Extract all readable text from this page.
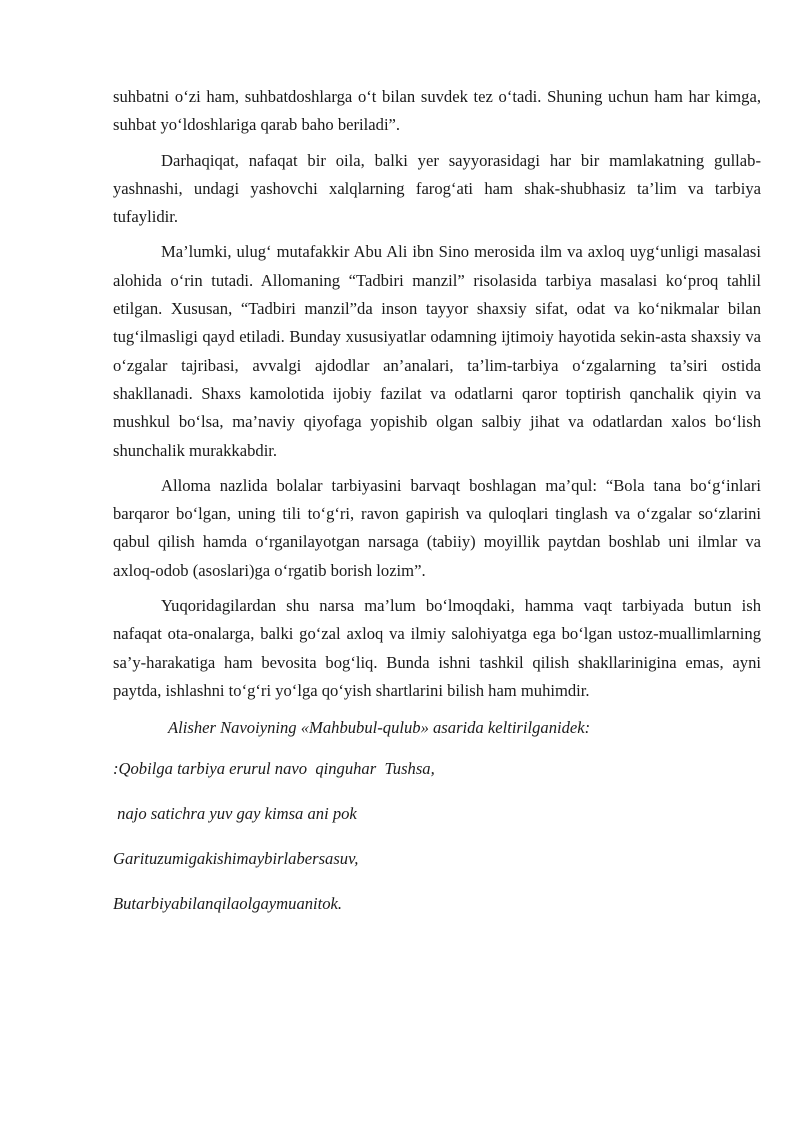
suhbatni o‘zi ham, suhbatdoshlarga o‘t bilan suvdek tez o‘tadi. Shuning uchun ham har kimga, suhbat yo‘ldoshlariga qarab baho beriladi”.

Darhaqiqat, nafaqat bir oila, balki yer sayyorasidagi har bir mamlakatning gullab-yashnashi, undagi yashovchi xalqlarning farog‘ati ham shak-shubhasiz ta’lim va tarbiya tufaylidir.

Ma’lumki, ulug‘ mutafakkir Abu Ali ibn Sino merosida ilm va axloq uyg‘unligi masalasi alohida o‘rin tutadi. Allomaning “Tadbiri manzil” risolasida tarbiya masalasi ko‘proq tahlil etilgan. Xususan, “Tadbiri manzil”da inson tayyor shaxsiy sifat, odat va ko‘nikmalar bilan tug‘ilmasligi qayd etiladi. Bunday xususiyatlar odamning ijtimoiy hayotida sekin-asta shaxsiy va o‘zgalar tajribasi, avvalgi ajdodlar an’analari, ta’lim-tarbiya o‘zgalarning ta’siri ostida shakllanadi. Shaxs kamolotida ijobiy fazilat va odatlarni qaror toptirish qanchalik qiyin va mushkul bo‘lsa, ma’naviy qiyofaga yopishib olgan salbiy jihat va odatlardan xalos bo‘lish shunchalik murakkabdir.

Alloma nazlida bolalar tarbiyasini barvaqt boshlagan ma’qul: “Bola tana bo‘g‘inlari barqaror bo‘lgan, uning tili to‘g‘ri, ravon gapirish va quloqlari tinglash va o‘zgalar so‘zlarini qabul qilish hamda o‘rganilayotgan narsaga (tabiiy) moyillik paytdan boshlab uni ilmlar va axloq-odob (asoslari)ga o‘rgatib borish lozim”.

Yuqoridagilardan shu narsa ma’lum bo‘lmoqdaki, hamma vaqt tarbiyada butun ish nafaqat ota-onalarga, balki go‘zal axloq va ilmiy salohiyatga ega bo‘lgan ustoz-muallimlarning sa’y-harakatiga ham bevosita bog‘liq. Bunda ishni tashkil qilish shakllarinigina emas, ayni paytda, ishlashni to‘g‘ri yo‘lga qo‘yish shartlarini bilish ham muhimdir.

Alisher Navoiyning «Mahbubul-qulub» asarida keltirilganidek:

:Qobilga tarbiya erurul navo  qinguhar  Tushsa,

najo satichra yuv gay kimsa ani pok

Garituzumigakishimaybirlabersasuv,

Butarbiyabilanqilaolgaymuanitok.
